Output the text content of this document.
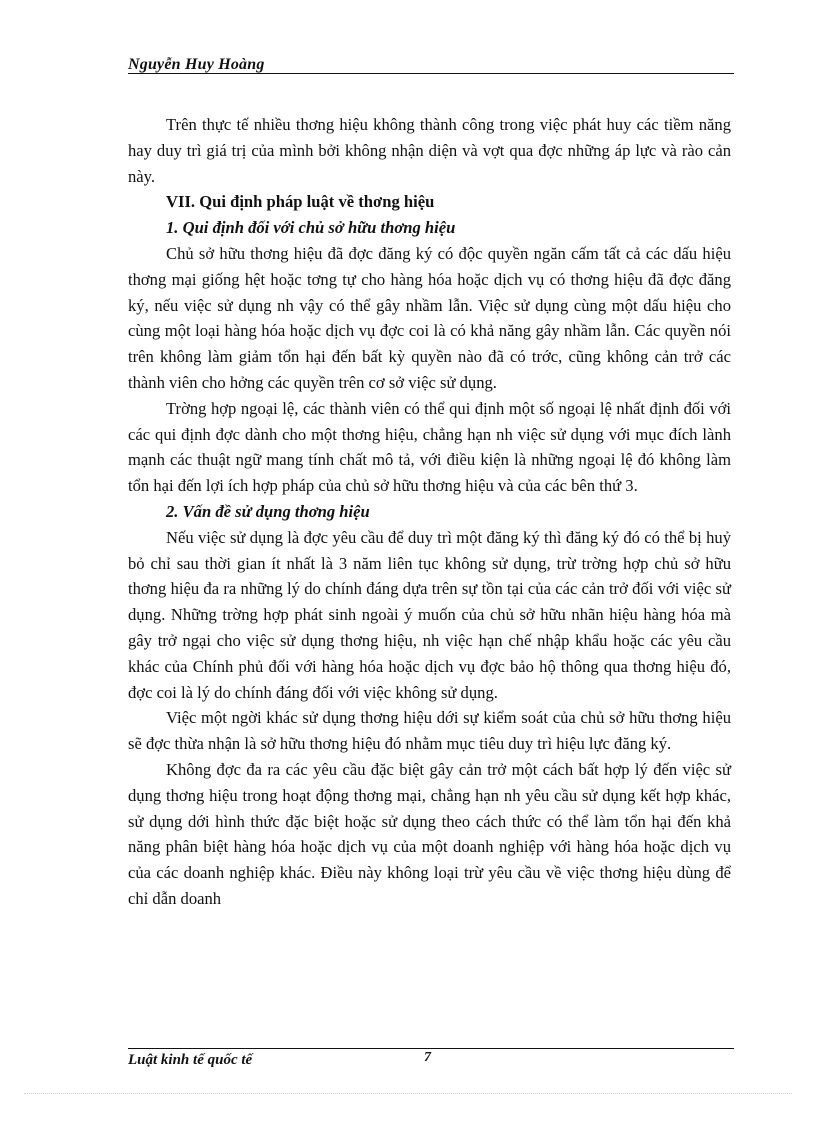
Nguyễn Huy Hoàng

Trên thực tế nhiều thơng hiệu không thành công trong việc phát huy các tiềm năng hay duy trì giá trị của mình bởi không nhận diện và vợt qua đợc những áp lực và rào cản này.

VII. Qui định pháp luật về thơng hiệu
1. Qui định đối với chủ sở hữu thơng hiệu

Chủ sở hữu thơng hiệu đã đợc đăng ký có độc quyền ngăn cấm tất cả các dấu hiệu thơng mại giống hệt hoặc tơng tự cho hàng hóa hoặc dịch vụ có thơng hiệu đã đợc đăng ký, nếu việc sử dụng nh vậy có thể gây nhầm lẫn. Việc sử dụng cùng một dấu hiệu cho cùng một loại hàng hóa hoặc dịch vụ đợc coi là có khả năng gây nhầm lẫn. Các quyền nói trên không làm giảm tổn hại đến bất kỳ quyền nào đã có trớc, cũng không cản trở các thành viên cho hởng các quyền trên cơ sở việc sử dụng.

Trờng hợp ngoại lệ, các thành viên có thể qui định một số ngoại lệ nhất định đối với các qui định đợc dành cho một thơng hiệu, chẳng hạn nh việc sử dụng với mục đích lành mạnh các thuật ngữ mang tính chất mô tả, với điều kiện là những ngoại lệ đó không làm tổn hại đến lợi ích hợp pháp của chủ sở hữu thơng hiệu và của các bên thứ 3.

2. Vấn đề sử dụng thơng hiệu

Nếu việc sử dụng là đợc yêu cầu để duy trì một đăng ký thì đăng ký đó có thể bị huỷ bỏ chỉ sau thời gian ít nhất là 3 năm liên tục không sử dụng, trừ trờng hợp chủ sở hữu thơng hiệu đa ra những lý do chính đáng dựa trên sự tồn tại của các cản trở đối với việc sử dụng. Những trờng hợp phát sinh ngoài ý muốn của chủ sở hữu nhãn hiệu hàng hóa mà gây trở ngại cho việc sử dụng thơng hiệu, nh việc hạn chế nhập khẩu hoặc các yêu cầu khác của Chính phủ đối với hàng hóa hoặc dịch vụ đợc bảo hộ thông qua thơng hiệu đó, đợc coi là lý do chính đáng đối với việc không sử dụng.

Việc một ngời khác sử dụng thơng hiệu dới sự kiểm soát của chủ sở hữu thơng hiệu sẽ đợc thừa nhận là sở hữu thơng hiệu đó nhằm mục tiêu duy trì hiệu lực đăng ký.

Không đợc đa ra các yêu cầu đặc biệt gây cản trở một cách bất hợp lý đến việc sử dụng thơng hiệu trong hoạt động thơng mại, chẳng hạn nh yêu cầu sử dụng kết hợp khác, sử dụng dới hình thức đặc biệt hoặc sử dụng theo cách thức có thể làm tổn hại đến khả năng phân biệt hàng hóa hoặc dịch vụ của một doanh nghiệp với hàng hóa hoặc dịch vụ của các doanh nghiệp khác. Điều này không loại trừ yêu cầu về việc thơng hiệu dùng để chỉ dẫn doanh

Luật kinh tế quốc tế	7
